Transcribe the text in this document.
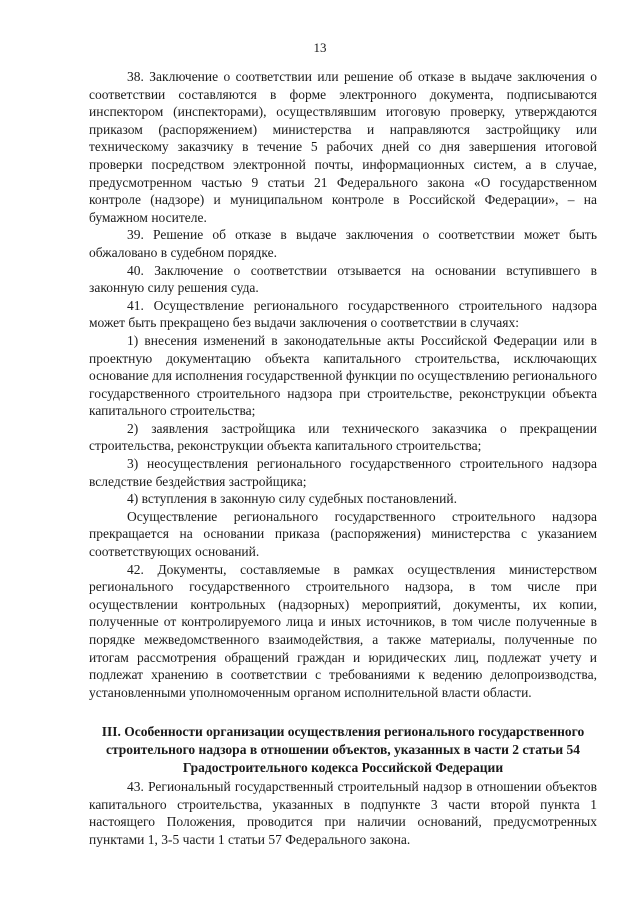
13

38. Заключение о соответствии или решение об отказе в выдаче заключения о соответствии составляются в форме электронного документа, подписываются инспектором (инспекторами), осуществлявшим итоговую проверку, утверждаются приказом (распоряжением) министерства и направляются застройщику или техническому заказчику в течение 5 рабочих дней со дня завершения итоговой проверки посредством электронной почты, информационных систем, а в случае, предусмотренном частью 9 статьи 21 Федерального закона «О государственном контроле (надзоре) и муниципальном контроле в Российской Федерации», – на бумажном носителе.

39. Решение об отказе в выдаче заключения о соответствии может быть обжаловано в судебном порядке.

40. Заключение о соответствии отзывается на основании вступившего в законную силу решения суда.

41. Осуществление регионального государственного строительного надзора может быть прекращено без выдачи заключения о соответствии в случаях:

1) внесения изменений в законодательные акты Российской Федерации или в проектную документацию объекта капитального строительства, исключающих основание для исполнения государственной функции по осуществлению регионального государственного строительного надзора при строительстве, реконструкции объекта капитального строительства;

2) заявления застройщика или технического заказчика о прекращении строительства, реконструкции объекта капитального строительства;

3) неосуществления регионального государственного строительного надзора вследствие бездействия застройщика;

4) вступления в законную силу судебных постановлений.

Осуществление регионального государственного строительного надзора прекращается на основании приказа (распоряжения) министерства с указанием соответствующих оснований.

42. Документы, составляемые в рамках осуществления министерством регионального государственного строительного надзора, в том числе при осуществлении контрольных (надзорных) мероприятий, документы, их копии, полученные от контролируемого лица и иных источников, в том числе полученные в порядке межведомственного взаимодействия, а также материалы, полученные по итогам рассмотрения обращений граждан и юридических лиц, подлежат учету и подлежат хранению в соответствии с требованиями к ведению делопроизводства, установленными уполномоченным органом исполнительной власти области.

III. Особенности организации осуществления регионального государственного строительного надзора в отношении объектов, указанных в части 2 статьи 54 Градостроительного кодекса Российской Федерации

43. Региональный государственный строительный надзор в отношении объектов капитального строительства, указанных в подпункте 3 части второй пункта 1 настоящего Положения, проводится при наличии оснований, предусмотренных пунктами 1, 3-5 части 1 статьи 57 Федерального закона.
